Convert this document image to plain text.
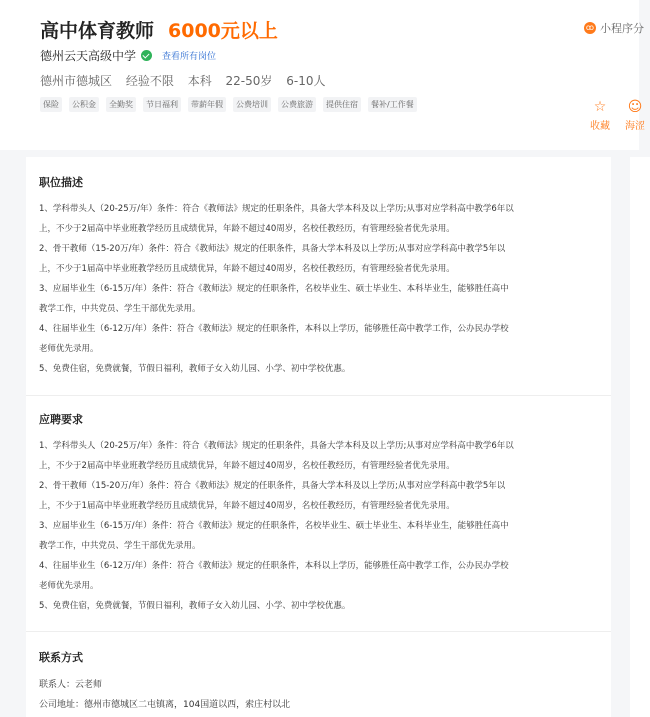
高中体育教师 6000元以上
德州云天高级中学	查看所有岗位
德州市德城区 经验不限 本科 22-50岁 6-10人
保险	公积金	全勤奖	节日福利	带薪年假	公费培训	公费旅游	提供住宿	餐补/工作餐
ꝏ 小程序分
☆
收藏
☺
海涩
职位描述

1、学科带头人（20-25万/年）条件：符合《教师法》规定的任职条件，具备大学本科及以上学历;从事对应学科高中教学6年以

上，不少于2届高中毕业班教学经历且成绩优异，年龄不超过40周岁，名校任教经历，有管理经验者优先录用。

2、骨干教师（15-20万/年）条件：符合《教师法》规定的任职条件，具备大学本科及以上学历;从事对应学科高中教学5年以

上，不少于1届高中毕业班教学经历且成绩优异，年龄不超过40周岁，名校任教经历，有管理经验者优先录用。

3、应届毕业生（6-15万/年）条件：符合《教师法》规定的任职条件，名校毕业生、硕士毕业生、本科毕业生，能够胜任高中

教学工作，中共党员、学生干部优先录用。

4、往届毕业生（6-12万/年）条件：符合《教师法》规定的任职条件，本科以上学历，能够胜任高中教学工作，公办民办学校

老师优先录用。

5、免费住宿，免费就餐，节假日福利，教师子女入幼儿园、小学、初中学校优惠。

应聘要求

1、学科带头人（20-25万/年）条件：符合《教师法》规定的任职条件，具备大学本科及以上学历;从事对应学科高中教学6年以

上，不少于2届高中毕业班教学经历且成绩优异，年龄不超过40周岁，名校任教经历，有管理经验者优先录用。

2、骨干教师（15-20万/年）条件：符合《教师法》规定的任职条件，具备大学本科及以上学历;从事对应学科高中教学5年以

上，不少于1届高中毕业班教学经历且成绩优异，年龄不超过40周岁，名校任教经历，有管理经验者优先录用。

3、应届毕业生（6-15万/年）条件：符合《教师法》规定的任职条件，名校毕业生、硕士毕业生、本科毕业生，能够胜任高中

教学工作，中共党员、学生干部优先录用。

4、往届毕业生（6-12万/年）条件：符合《教师法》规定的任职条件，本科以上学历，能够胜任高中教学工作，公办民办学校

老师优先录用。

5、免费住宿，免费就餐，节假日福利，教师子女入幼儿园、小学、初中学校优惠。

联系方式
联系人：云老师
公司地址：德州市德城区二屯镇离，104国道以西，索庄村以北
